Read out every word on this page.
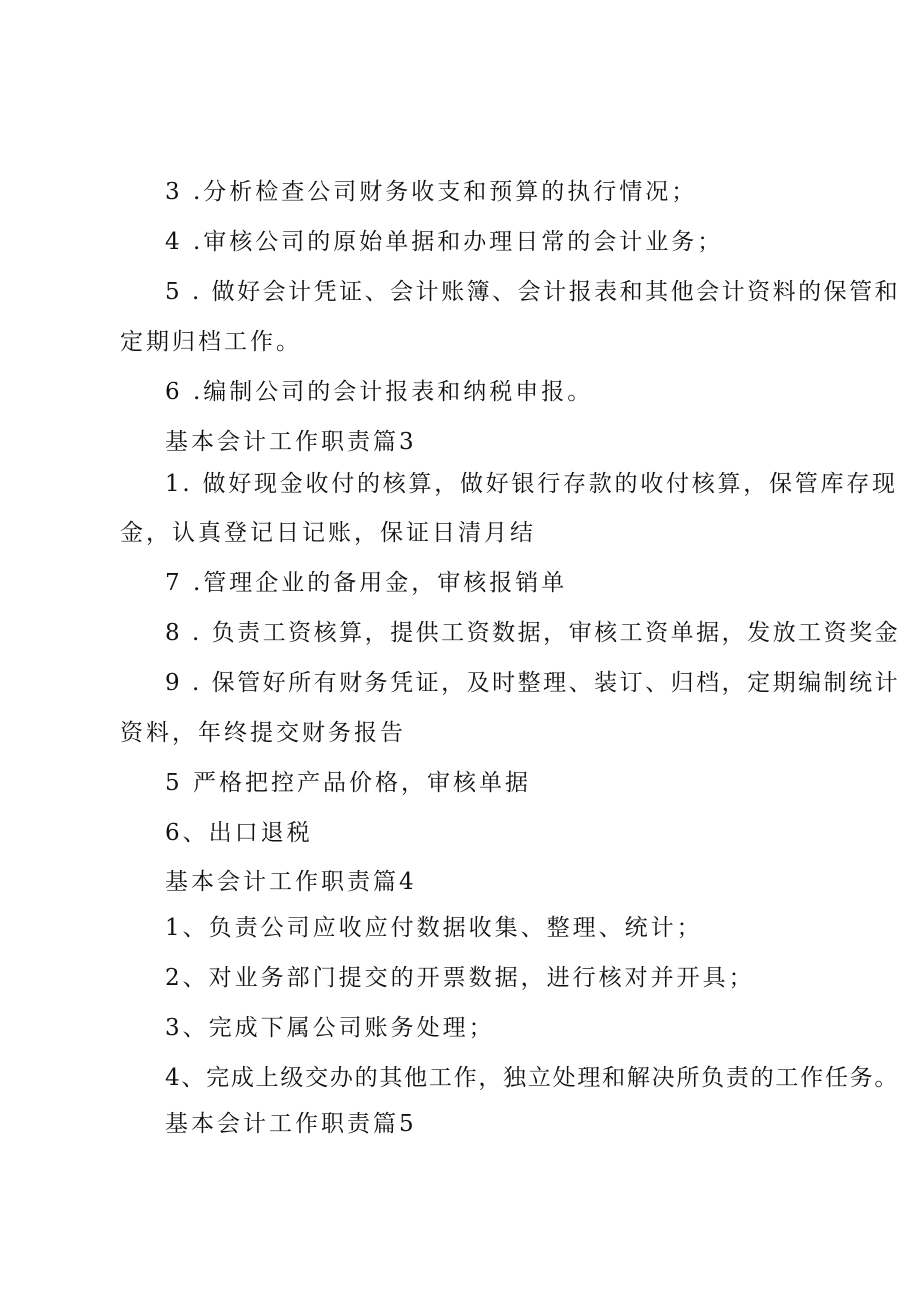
3 .分析检查公司财务收支和预算的执行情况；

4 .审核公司的原始单据和办理日常的会计业务；

5 . 做好会计凭证、会计账簿、会计报表和其他会计资料的保管和

定期归档工作。

6 .编制公司的会计报表和纳税申报。

基本会计工作职责篇3

1. 做好现金收付的核算，做好银行存款的收付核算，保管库存现

金，认真登记日记账，保证日清月结

7 .管理企业的备用金，审核报销单

8 . 负责工资核算，提供工资数据，审核工资单据，发放工资奖金

9 . 保管好所有财务凭证，及时整理、装订、归档，定期编制统计

资料，年终提交财务报告

5 严格把控产品价格，审核单据

6、出口退税

基本会计工作职责篇4

1、负责公司应收应付数据收集、整理、统计；

2、对业务部门提交的开票数据，进行核对并开具；

3、完成下属公司账务处理；

4、完成上级交办的其他工作，独立处理和解决所负责的工作任务。

基本会计工作职责篇5
